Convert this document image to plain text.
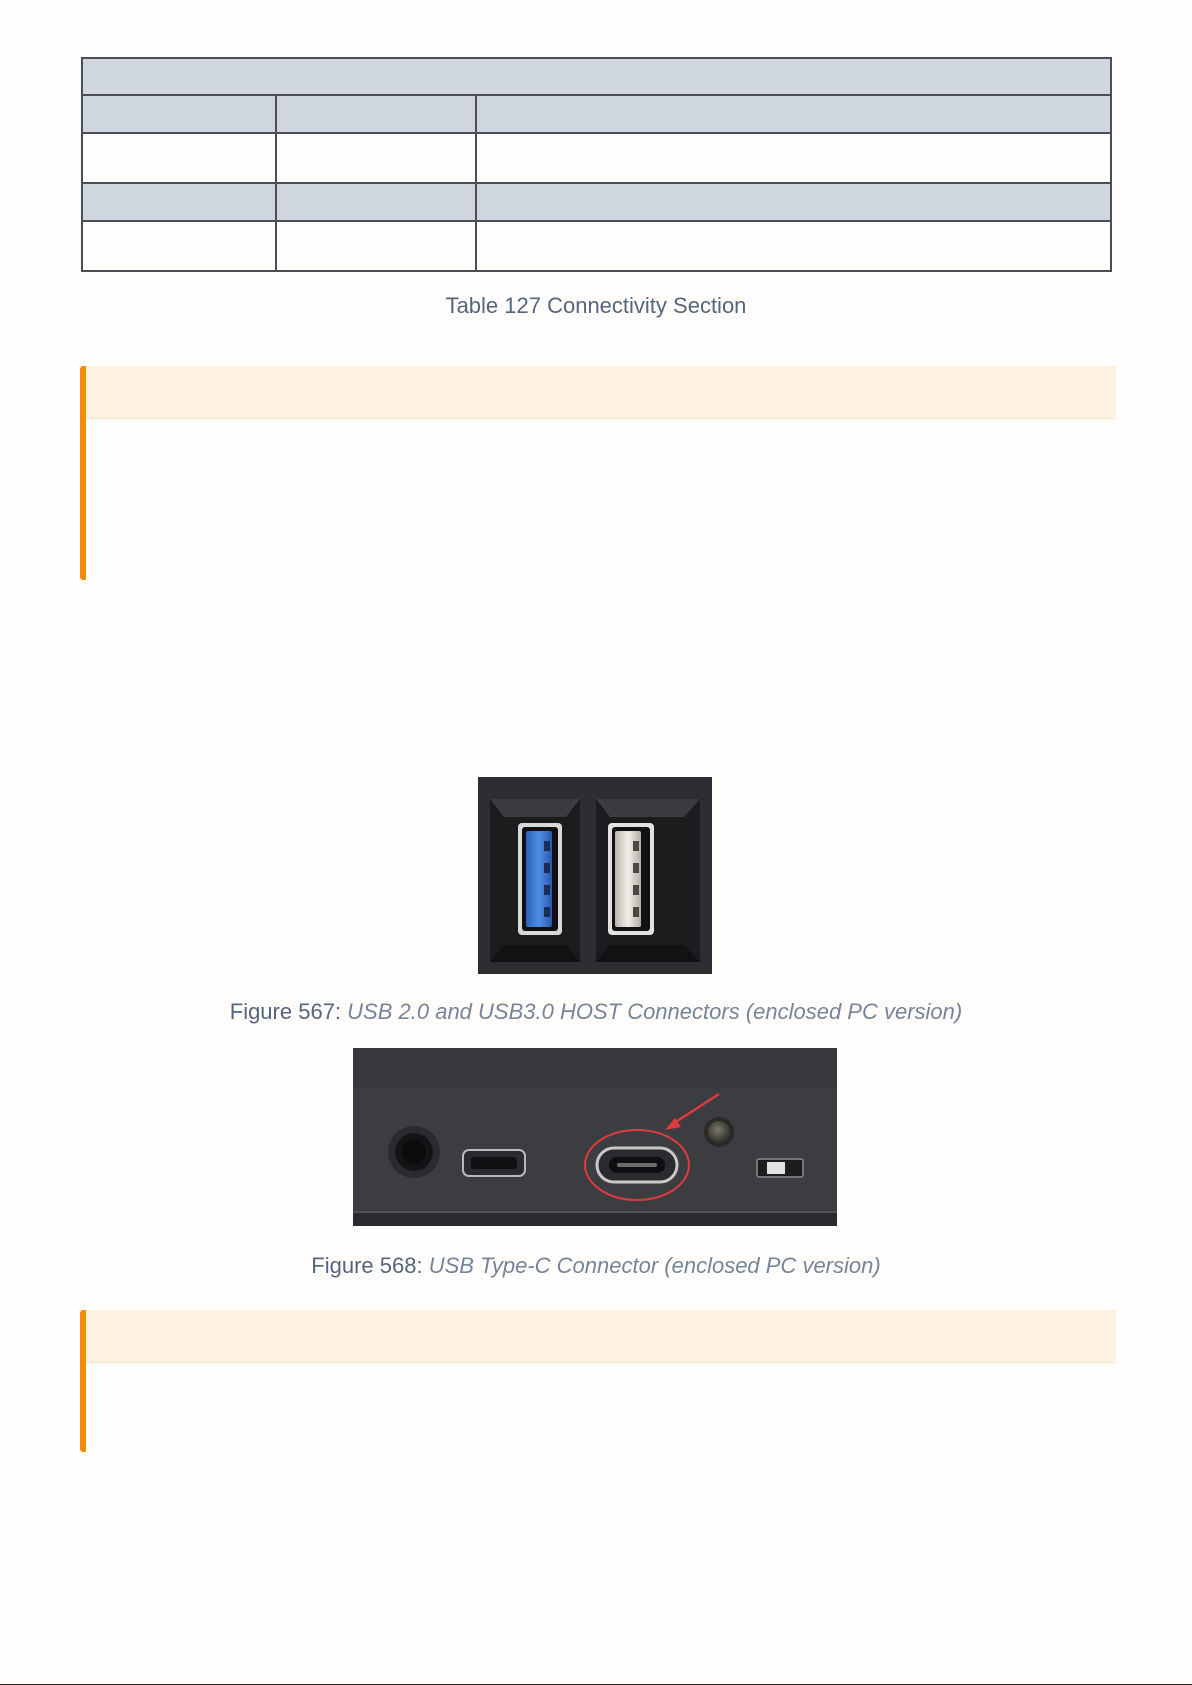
Table 127 Connectivity Section
Figure 567: USB 2.0 and USB3.0 HOST Connectors (enclosed PC version)
Figure 568: USB Type-C Connector (enclosed PC version)
